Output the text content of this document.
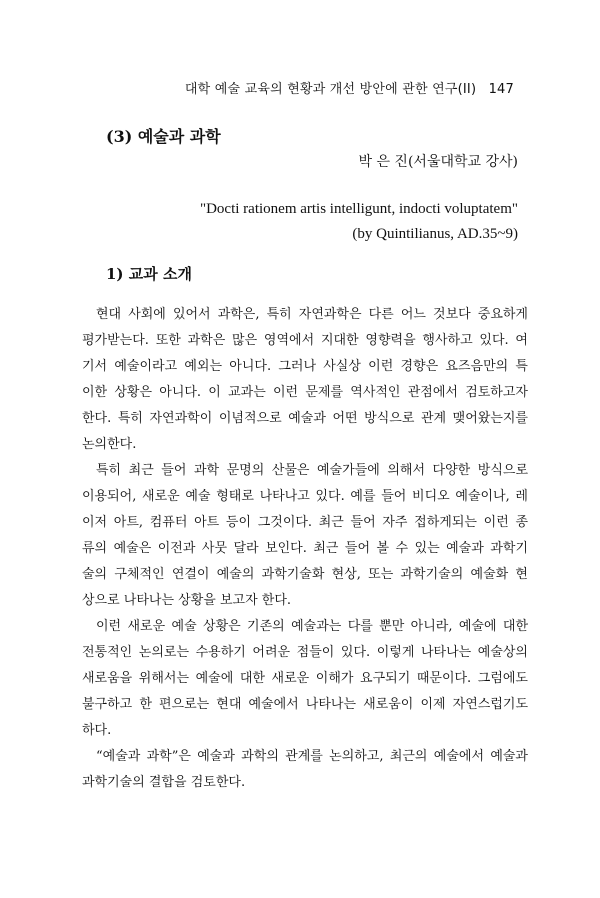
대학 예술 교육의 현황과 개선 방안에 관한 연구(II) 147
(3) 예술과 과학
박 은 진(서울대학교 강사)
"Docti rationem artis intelligunt, indocti voluptatem"
(by Quintilianus, AD.35~9)
1) 교과 소개
현대 사회에 있어서 과학은, 특히 자연과학은 다른 어느 것보다 중요하게
평가받는다. 또한 과학은 많은 영역에서 지대한 영향력을 행사하고 있다. 여
기서 예술이라고 예외는 아니다. 그러나 사실상 이런 경향은 요즈음만의 특
이한 상황은 아니다. 이 교과는 이런 문제를 역사적인 관점에서 검토하고자
한다. 특히 자연과학이 이념적으로 예술과 어떤 방식으로 관계 맺어왔는지를
논의한다.
특히 최근 들어 과학 문명의 산물은 예술가들에 의해서 다양한 방식으로
이용되어, 새로운 예술 형태로 나타나고 있다. 예를 들어 비디오 예술이나, 레
이저 아트, 컴퓨터 아트 등이 그것이다. 최근 들어 자주 접하게되는 이런 종
류의 예술은 이전과 사뭇 달라 보인다. 최근 들어 볼 수 있는 예술과 과학기
술의 구체적인 연결이 예술의 과학기술화 현상, 또는 과학기술의 예술화 현
상으로 나타나는 상황을 보고자 한다.
이런 새로운 예술 상황은 기존의 예술과는 다를 뿐만 아니라, 예술에 대한
전통적인 논의로는 수용하기 어려운 점들이 있다. 이렇게 나타나는 예술상의
새로움을 위해서는 예술에 대한 새로운 이해가 요구되기 때문이다. 그럼에도
불구하고 한 편으로는 현대 예술에서 나타나는 새로움이 이제 자연스럽기도
하다.
“예술과 과학”은 예술과 과학의 관계를 논의하고, 최근의 예술에서 예술과
과학기술의 결합을 검토한다.
